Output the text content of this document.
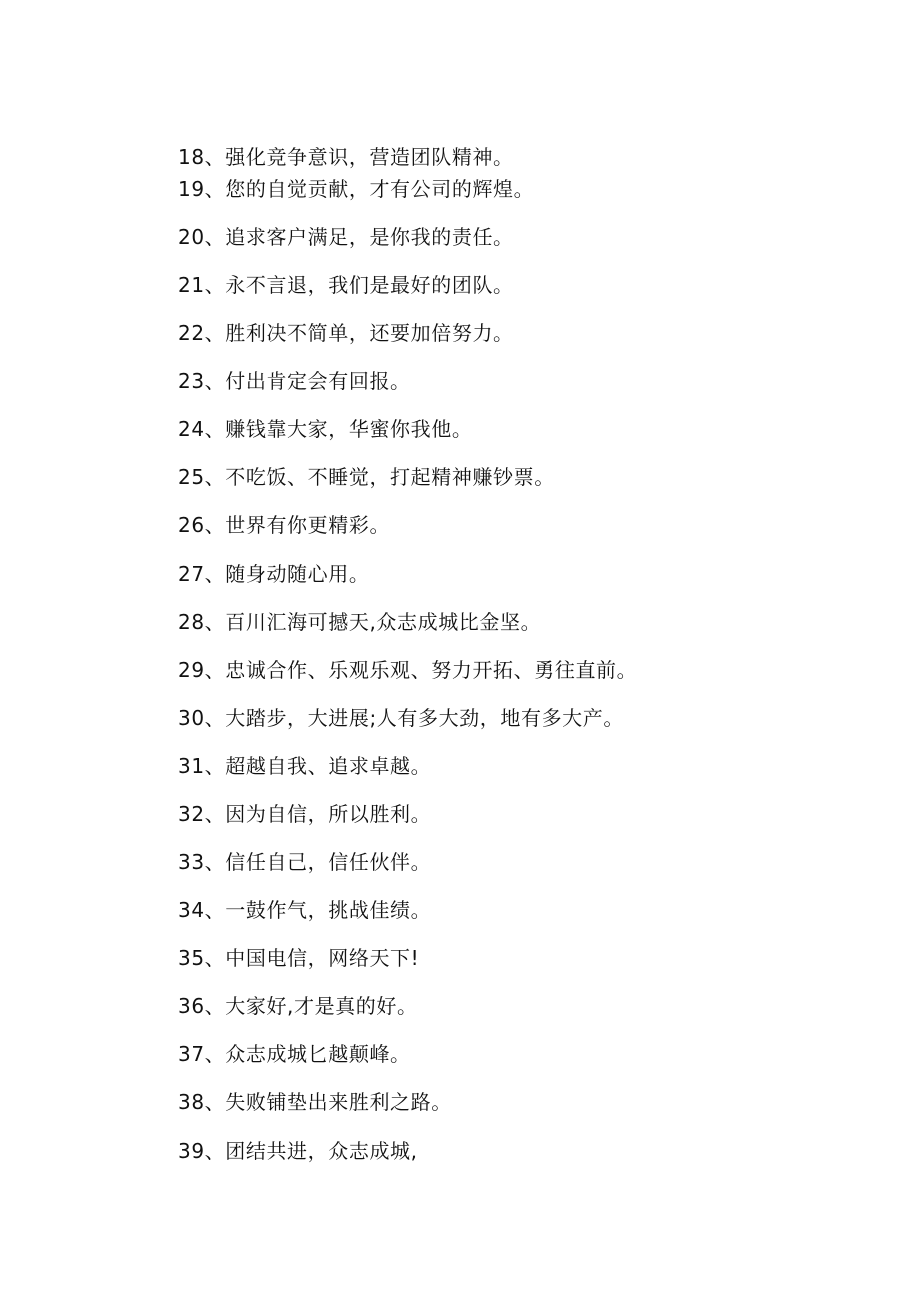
18、强化竞争意识，营造团队精神。
19、您的自觉贡献，才有公司的辉煌。
20、追求客户满足，是你我的责任。
21、永不言退，我们是最好的团队。
22、胜利决不简单，还要加倍努力。
23、付出肯定会有回报。
24、赚钱靠大家，华蜜你我他。
25、不吃饭、不睡觉，打起精神赚钞票。
26、世界有你更精彩。
27、随身动随心用。
28、百川汇海可撼天,众志成城比金坚。
29、忠诚合作、乐观乐观、努力开拓、勇往直前。
30、大踏步，大进展;人有多大劲，地有多大产。
31、超越自我、追求卓越。
32、因为自信，所以胜利。
33、信任自己，信任伙伴。
34、一鼓作气，挑战佳绩。
35、中国电信，网络天下!
36、大家好,才是真的好。
37、众志成城匕越颠峰。
38、失败铺垫出来胜利之路。
39、团结共进，众志成城,
